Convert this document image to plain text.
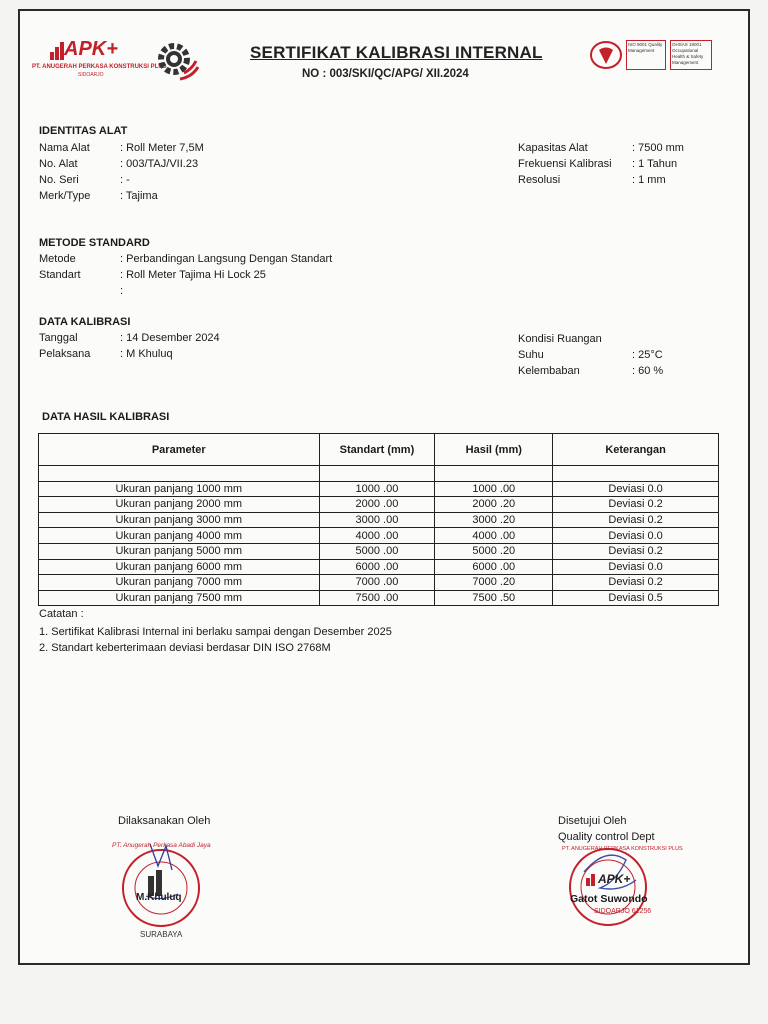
APK+
PT. ANUGERAH PERKASA KONSTRUKSI PLUS
SIDOARJO
SERTIFIKAT KALIBRASI INTERNAL
NO : 003/SKI/QC/APG/ XII.2024
ISO 9001 Quality Management
OHSAS 18001 Occupational Health & Safety Management
IDENTITAS ALAT
Nama Alat	: Roll Meter 7,5M
No. Alat	: 003/TAJ/VII.23
No. Seri	: -
Merk/Type	: Tajima
Kapasitas Alat	: 7500 mm
Frekuensi Kalibrasi : 1 Tahun
Resolusi	: 1 mm
METODE STANDARD
Metode	: Perbandingan Langsung Dengan Standart
Standart	: Roll Meter Tajima Hi Lock 25
:
DATA KALIBRASI
Tanggal	: 14 Desember 2024
Pelaksana	: M Khuluq
Kondisi Ruangan
Suhu	: 25°C
Kelembaban	: 60 %
DATA HASIL KALIBRASI
Parameter	Standart (mm)	Hasil (mm)	Keterangan

Ukuran panjang 1000 mm	1000 .00	1000 .00	Deviasi 0.0
Ukuran panjang 2000 mm	2000 .00	2000 .20	Deviasi 0.2
Ukuran panjang 3000 mm	3000 .00	3000 .20	Deviasi 0.2
Ukuran panjang 4000 mm	4000 .00	4000 .00	Deviasi 0.0
Ukuran panjang 5000 mm	5000 .00	5000 .20	Deviasi 0.2
Ukuran panjang 6000 mm	6000 .00	6000 .00	Deviasi 0.0
Ukuran panjang 7000 mm	7000 .00	7000 .20	Deviasi 0.2
Ukuran panjang 7500 mm	7500 .00	7500 .50	Deviasi 0.5
Catatan :
1. Sertifikat Kalibrasi Internal ini berlaku sampai dengan Desember 2025
2. Standart keberterimaan deviasi berdasar DIN ISO 2768M
Dilaksanakan Oleh
PT. Anugerah Perkasa Abadi Jaya
M.Khuluq
SURABAYA
Disetujui Oleh
Quality control Dept
PT. ANUGERAH PERKASA KONSTRUKSI PLUS
APK+
SIDOARJO 61256
Gatot Suwondo
